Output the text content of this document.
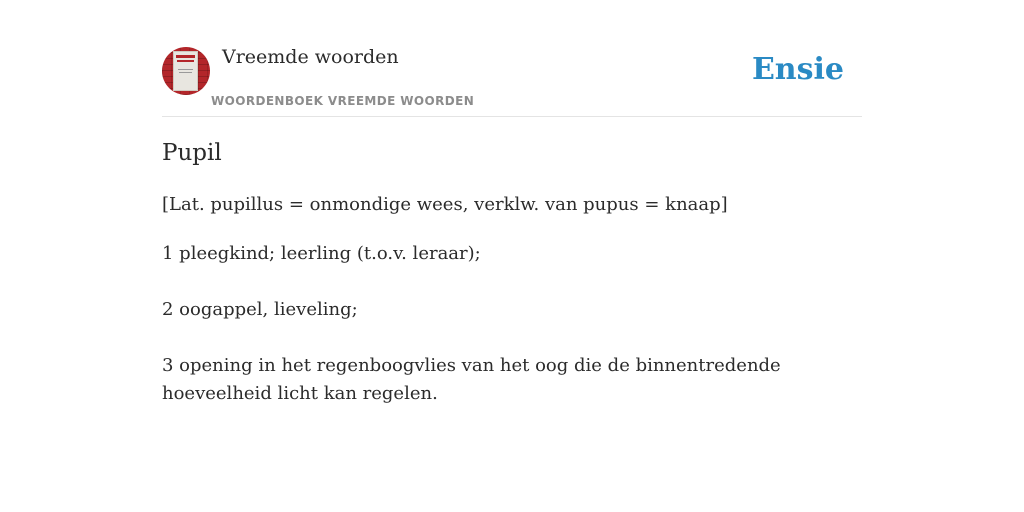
Vreemde woorden
WOORDENBOEK VREEMDE WOORDEN
Ensie
Pupil

[Lat. pupillus = onmondige wees, verklw. van pupus = knaap]

1 pleegkind; leerling (t.o.v. leraar);
2 oogappel, lieveling;
3 opening in het regenboogvlies van het oog die de binnentredende hoeveelheid licht kan regelen.
